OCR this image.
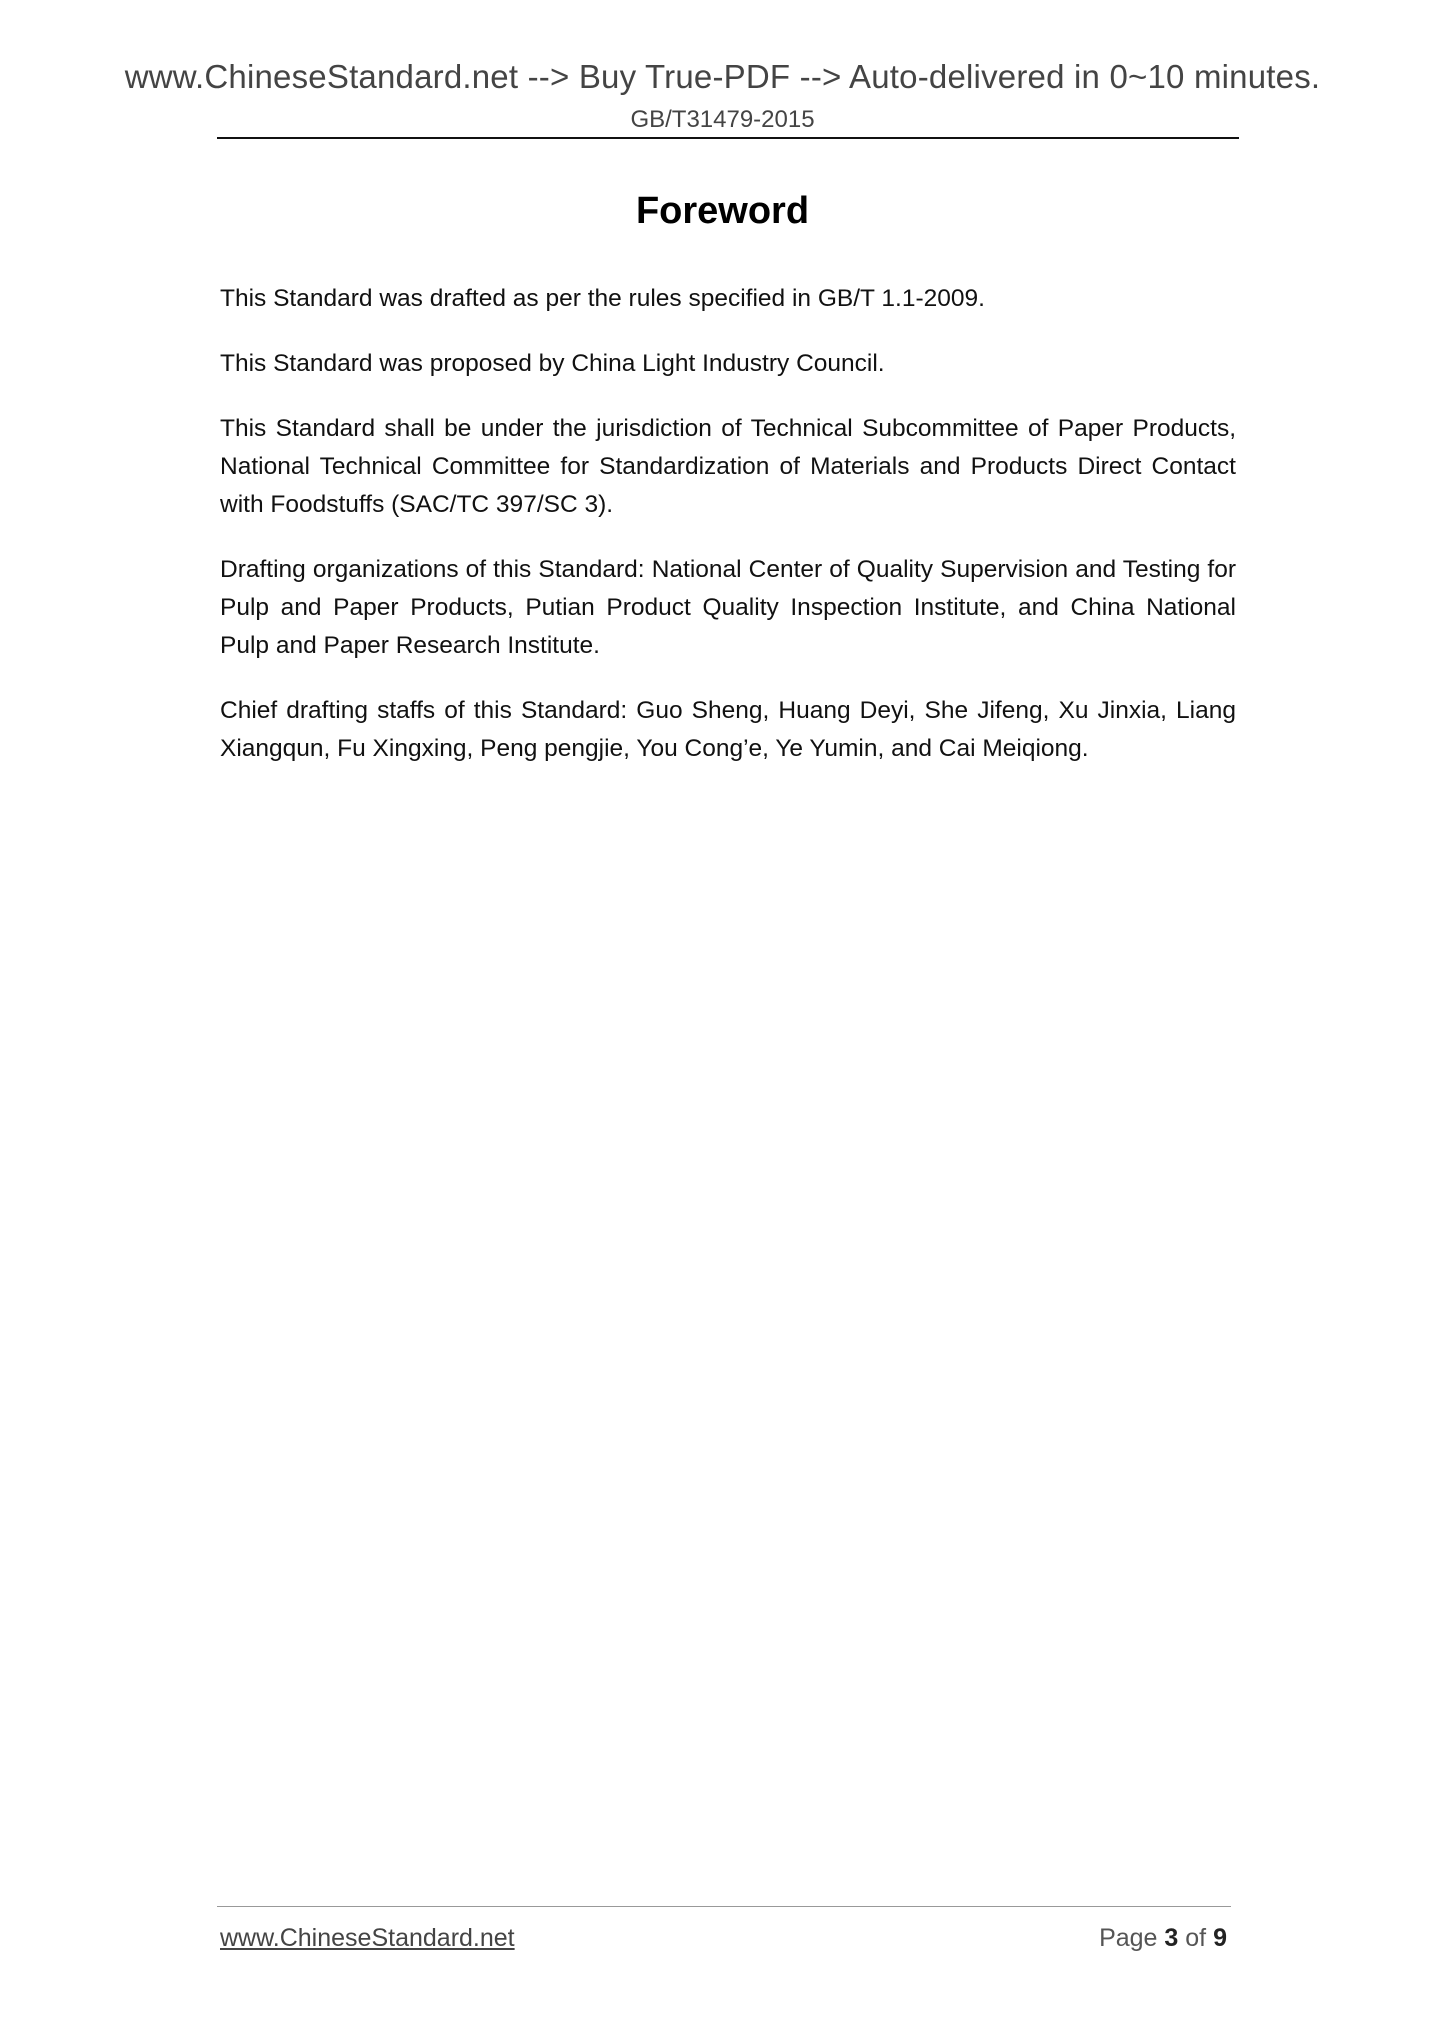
www.ChineseStandard.net --> Buy True-PDF --> Auto-delivered in 0~10 minutes.
GB/T31479-2015
Foreword

This Standard was drafted as per the rules specified in GB/T 1.1-2009.

This Standard was proposed by China Light Industry Council.

This Standard shall be under the jurisdiction of Technical Subcommittee of Paper Products, National Technical Committee for Standardization of Materials and Products Direct Contact with Foodstuffs (SAC/TC 397/SC 3).

Drafting organizations of this Standard: National Center of Quality Supervision and Testing for Pulp and Paper Products, Putian Product Quality Inspection Institute, and China National Pulp and Paper Research Institute.

Chief drafting staffs of this Standard: Guo Sheng, Huang Deyi, She Jifeng, Xu Jinxia, Liang Xiangqun, Fu Xingxing, Peng pengjie, You Cong’e, Ye Yumin, and Cai Meiqiong.

www.ChineseStandard.net	Page 3 of 9
